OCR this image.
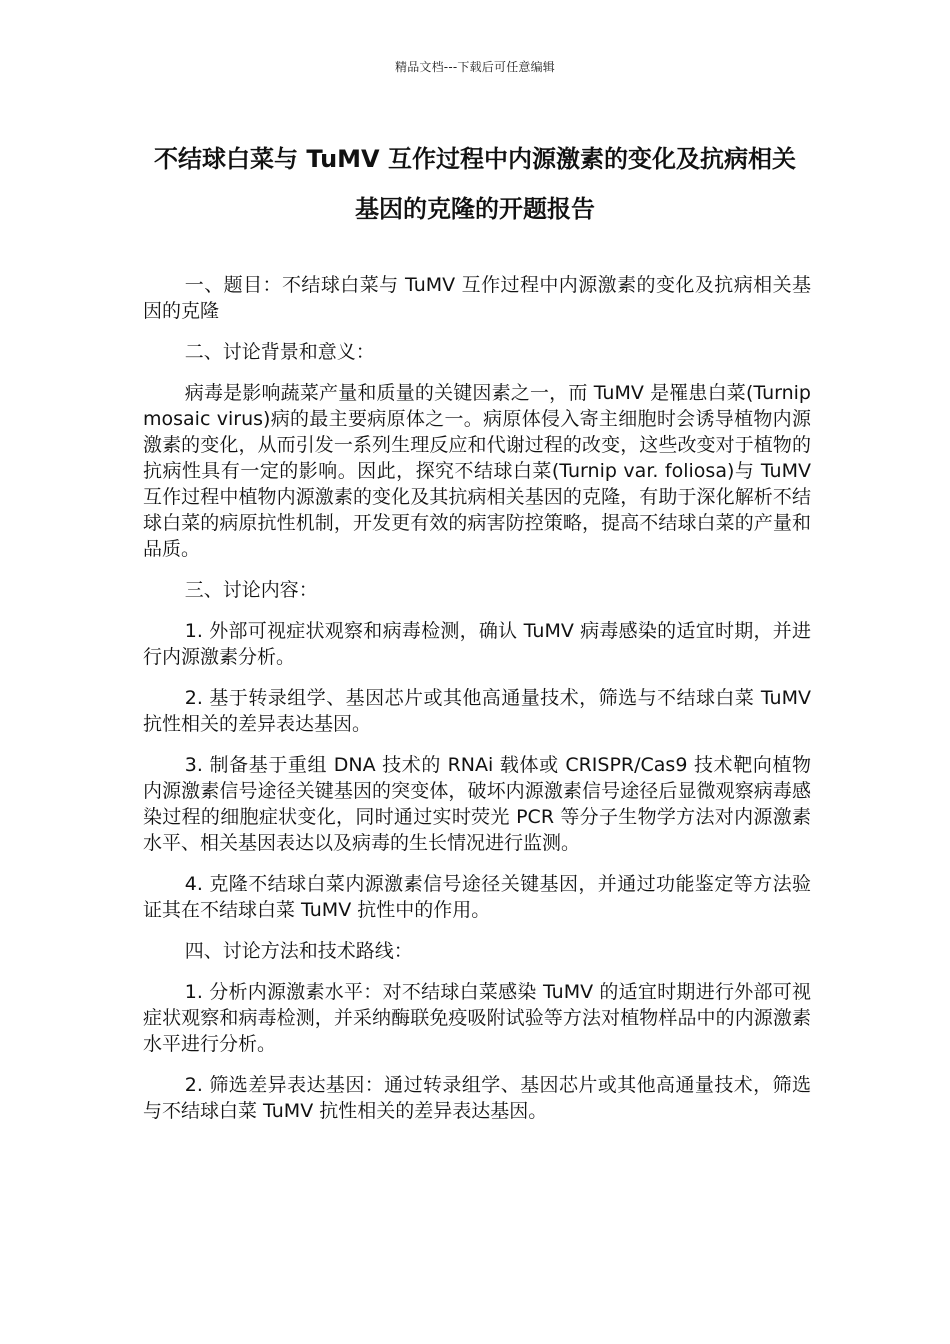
精品文档---下载后可任意编辑
不结球白菜与 TuMV 互作过程中内源激素的变化及抗病相关基因的克隆的开题报告

一、题目：不结球白菜与 TuMV 互作过程中内源激素的变化及抗病相关基因的克隆

二、讨论背景和意义：

病毒是影响蔬菜产量和质量的关键因素之一，而 TuMV 是罹患白菜(Turnip mosaic virus)病的最主要病原体之一。病原体侵入寄主细胞时会诱导植物内源激素的变化，从而引发一系列生理反应和代谢过程的改变，这些改变对于植物的抗病性具有一定的影响。因此，探究不结球白菜(Turnip var. foliosa)与 TuMV 互作过程中植物内源激素的变化及其抗病相关基因的克隆，有助于深化解析不结球白菜的病原抗性机制，开发更有效的病害防控策略，提高不结球白菜的产量和品质。

三、讨论内容：

1. 外部可视症状观察和病毒检测，确认 TuMV 病毒感染的适宜时期，并进行内源激素分析。

2. 基于转录组学、基因芯片或其他高通量技术，筛选与不结球白菜 TuMV 抗性相关的差异表达基因。

3. 制备基于重组 DNA 技术的 RNAi 载体或 CRISPR/Cas9 技术靶向植物内源激素信号途径关键基因的突变体，破坏内源激素信号途径后显微观察病毒感染过程的细胞症状变化，同时通过实时荧光 PCR 等分子生物学方法对内源激素水平、相关基因表达以及病毒的生长情况进行监测。

4. 克隆不结球白菜内源激素信号途径关键基因，并通过功能鉴定等方法验证其在不结球白菜 TuMV 抗性中的作用。

四、讨论方法和技术路线：

1. 分析内源激素水平：对不结球白菜感染 TuMV 的适宜时期进行外部可视症状观察和病毒检测，并采纳酶联免疫吸附试验等方法对植物样品中的内源激素水平进行分析。

2. 筛选差异表达基因：通过转录组学、基因芯片或其他高通量技术，筛选与不结球白菜 TuMV 抗性相关的差异表达基因。
